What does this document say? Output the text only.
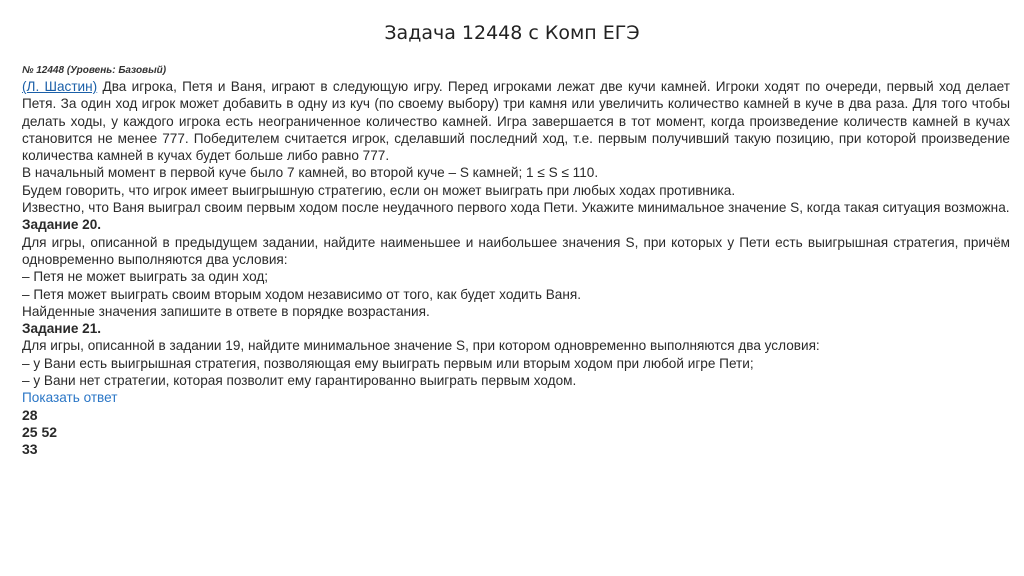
Задача 12448 с Комп ЕГЭ
№ 12448 (Уровень: Базовый)

(Л. Шастин) Два игрока, Петя и Ваня, играют в следующую игру. Перед игроками лежат две кучи камней. Игроки ходят по очереди, первый ход делает Петя. За один ход игрок может добавить в одну из куч (по своему выбору) три камня или увеличить количество камней в куче в два раза. Для того чтобы делать ходы, у каждого игрока есть неограниченное количество камней. Игра завершается в тот момент, когда произведение количеств камней в кучах становится не менее 777. Победителем считается игрок, сделавший последний ход, т.е. первым получивший такую позицию, при которой произведение количества камней в кучах будет больше либо равно 777.

В начальный момент в первой куче было 7 камней, во второй куче – S камней; 1 ≤ S ≤ 110.

Будем говорить, что игрок имеет выигрышную стратегию, если он может выиграть при любых ходах противника.

Известно, что Ваня выиграл своим первым ходом после неудачного первого хода Пети. Укажите минимальное значение S, когда такая ситуация возможна.

Задание 20.

Для игры, описанной в предыдущем задании, найдите наименьшее и наибольшее значения S, при которых у Пети есть выигрышная стратегия, причём одновременно выполняются два условия:

– Петя не может выиграть за один ход;

– Петя может выиграть своим вторым ходом независимо от того, как будет ходить Ваня.

Найденные значения запишите в ответе в порядке возрастания.

Задание 21.

Для игры, описанной в задании 19, найдите минимальное значение S, при котором одновременно выполняются два условия:

– у Вани есть выигрышная стратегия, позволяющая ему выиграть первым или вторым ходом при любой игре Пети;

– у Вани нет стратегии, которая позволит ему гарантированно выиграть первым ходом.

Показать ответ
28
25 52
33
